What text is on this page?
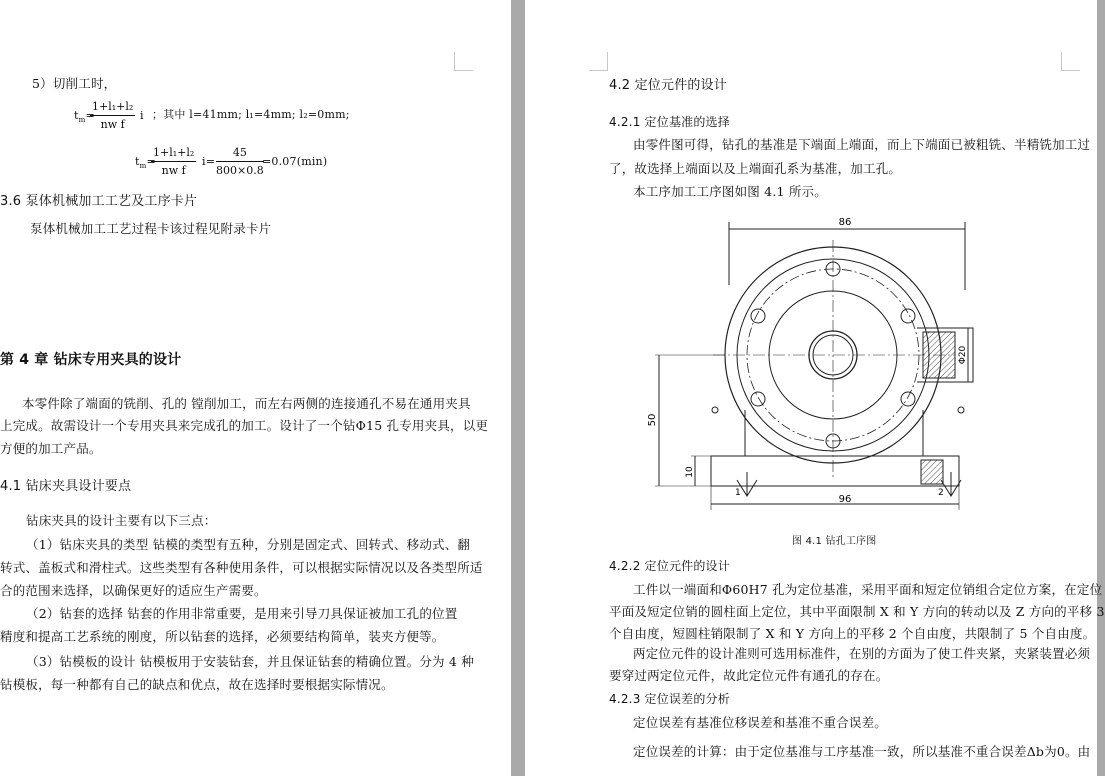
5）切削工时，
$t_m=$
$\frac{\text{1+l₁+l₂}}{\text{nw f}}$ i ；其中 l=41mm; l₁=4mm; l₂=0mm;
$t_m=$
$\frac{\text{1+l₁+l₂}}{\text{nw f}} i= \frac{45}{800\times 0.8}$
=0.07(min)
3.6 泵体机械加工工艺及工序卡片
泵体机械加工工艺过程卡该过程见附录卡片
第 4 章 钻床专用夹具的设计
本零件除了端面的铣削、孔的 镗削加工，而左右两侧的连接通孔不易在通用夹具
上完成。故需设计一个专用夹具来完成孔的加工。设计了一个钻Φ15 孔专用夹具，以更
方便的加工产品。
4.1 钻床夹具设计要点
钻床夹具的设计主要有以下三点：
（1）钻床夹具的类型 钻模的类型有五种，分别是固定式、回转式、移动式、翻
转式、盖板式和滑柱式。这些类型有各种使用条件，可以根据实际情况以及各类型所适
合的范围来选择，以确保更好的适应生产需要。
（2）钻套的选择 钻套的作用非常重要，是用来引导刀具保证被加工孔的位置
精度和提高工艺系统的刚度，所以钻套的选择，必须要结构简单，装夹方便等。
（3）钻模板的设计 钻模板用于安装钻套，并且保证钻套的精确位置。分为 4 种
钻模板，每一种都有自己的缺点和优点，故在选择时要根据实际情况。
4.2 定位元件的设计
4.2.1 定位基准的选择
由零件图可得，钻孔的基准是下端面上端面，而上下端面已被粗铣、半精铣加工过
了，故选择上端面以及上端面孔系为基准，加工孔。
本工序加工工序图如图 4.1 所示。
86
96
50
10
Φ20
1	2
图 4.1 钻孔工序图
4.2.2 定位元件的设计
工件以一端面和Φ60H7 孔为定位基准，采用平面和短定位销组合定位方案，在定位
平面及短定位销的圆柱面上定位，其中平面限制 X 和 Y 方向的转动以及 Z 方向的平移 3
个自由度，短圆柱销限制了 X 和 Y 方向上的平移 2 个自由度，共限制了 5 个自由度。
两定位元件的设计准则可选用标准件，在别的方面为了使工件夹紧，夹紧装置必须
要穿过两定位元件，故此定位元件有通孔的存在。
4.2.3 定位误差的分析
定位误差有基准位移误差和基准不重合误差。
定位误差的计算：由于定位基准与工序基准一致，所以基准不重合误差Δb为0。由
